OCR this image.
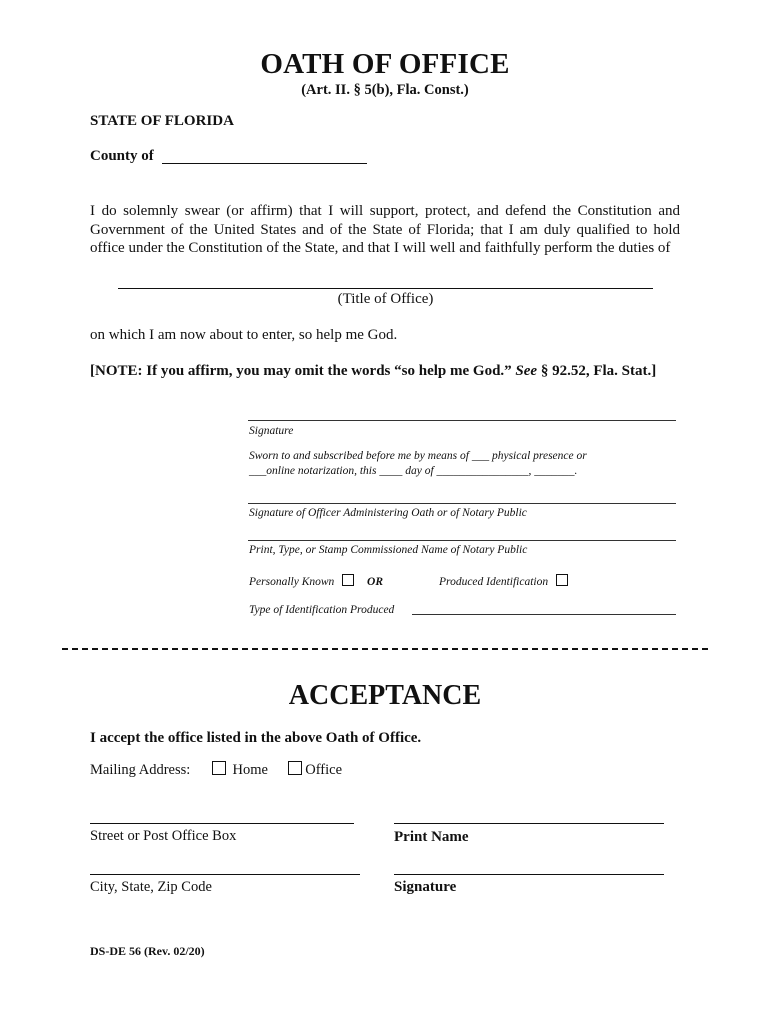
OATH OF OFFICE
(Art. II. § 5(b), Fla. Const.)
STATE OF FLORIDA
County of
I do solemnly swear (or affirm) that I will support, protect, and defend the Constitution and Government of the United States and of the State of Florida; that I am duly qualified to hold office under the Constitution of the State, and that I will well and faithfully perform the duties of
(Title of Office)
on which I am now about to enter, so help me God.
[NOTE: If you affirm, you may omit the words “so help me God.” See § 92.52, Fla. Stat.]
Signature
Sworn to and subscribed before me by means of ___ physical presence or
___online notarization, this ____ day of ________________, _______.
Signature of Officer Administering Oath or of Notary Public
Print, Type, or Stamp Commissioned Name of Notary Public
Personally Known	OR	Produced Identification
Type of Identification Produced
ACCEPTANCE
I accept the office listed in the above Oath of Office.
Mailing Address:	Home	Office
Street or Post Office Box	Print Name
City, State, Zip Code	Signature
DS-DE 56 (Rev. 02/20)
